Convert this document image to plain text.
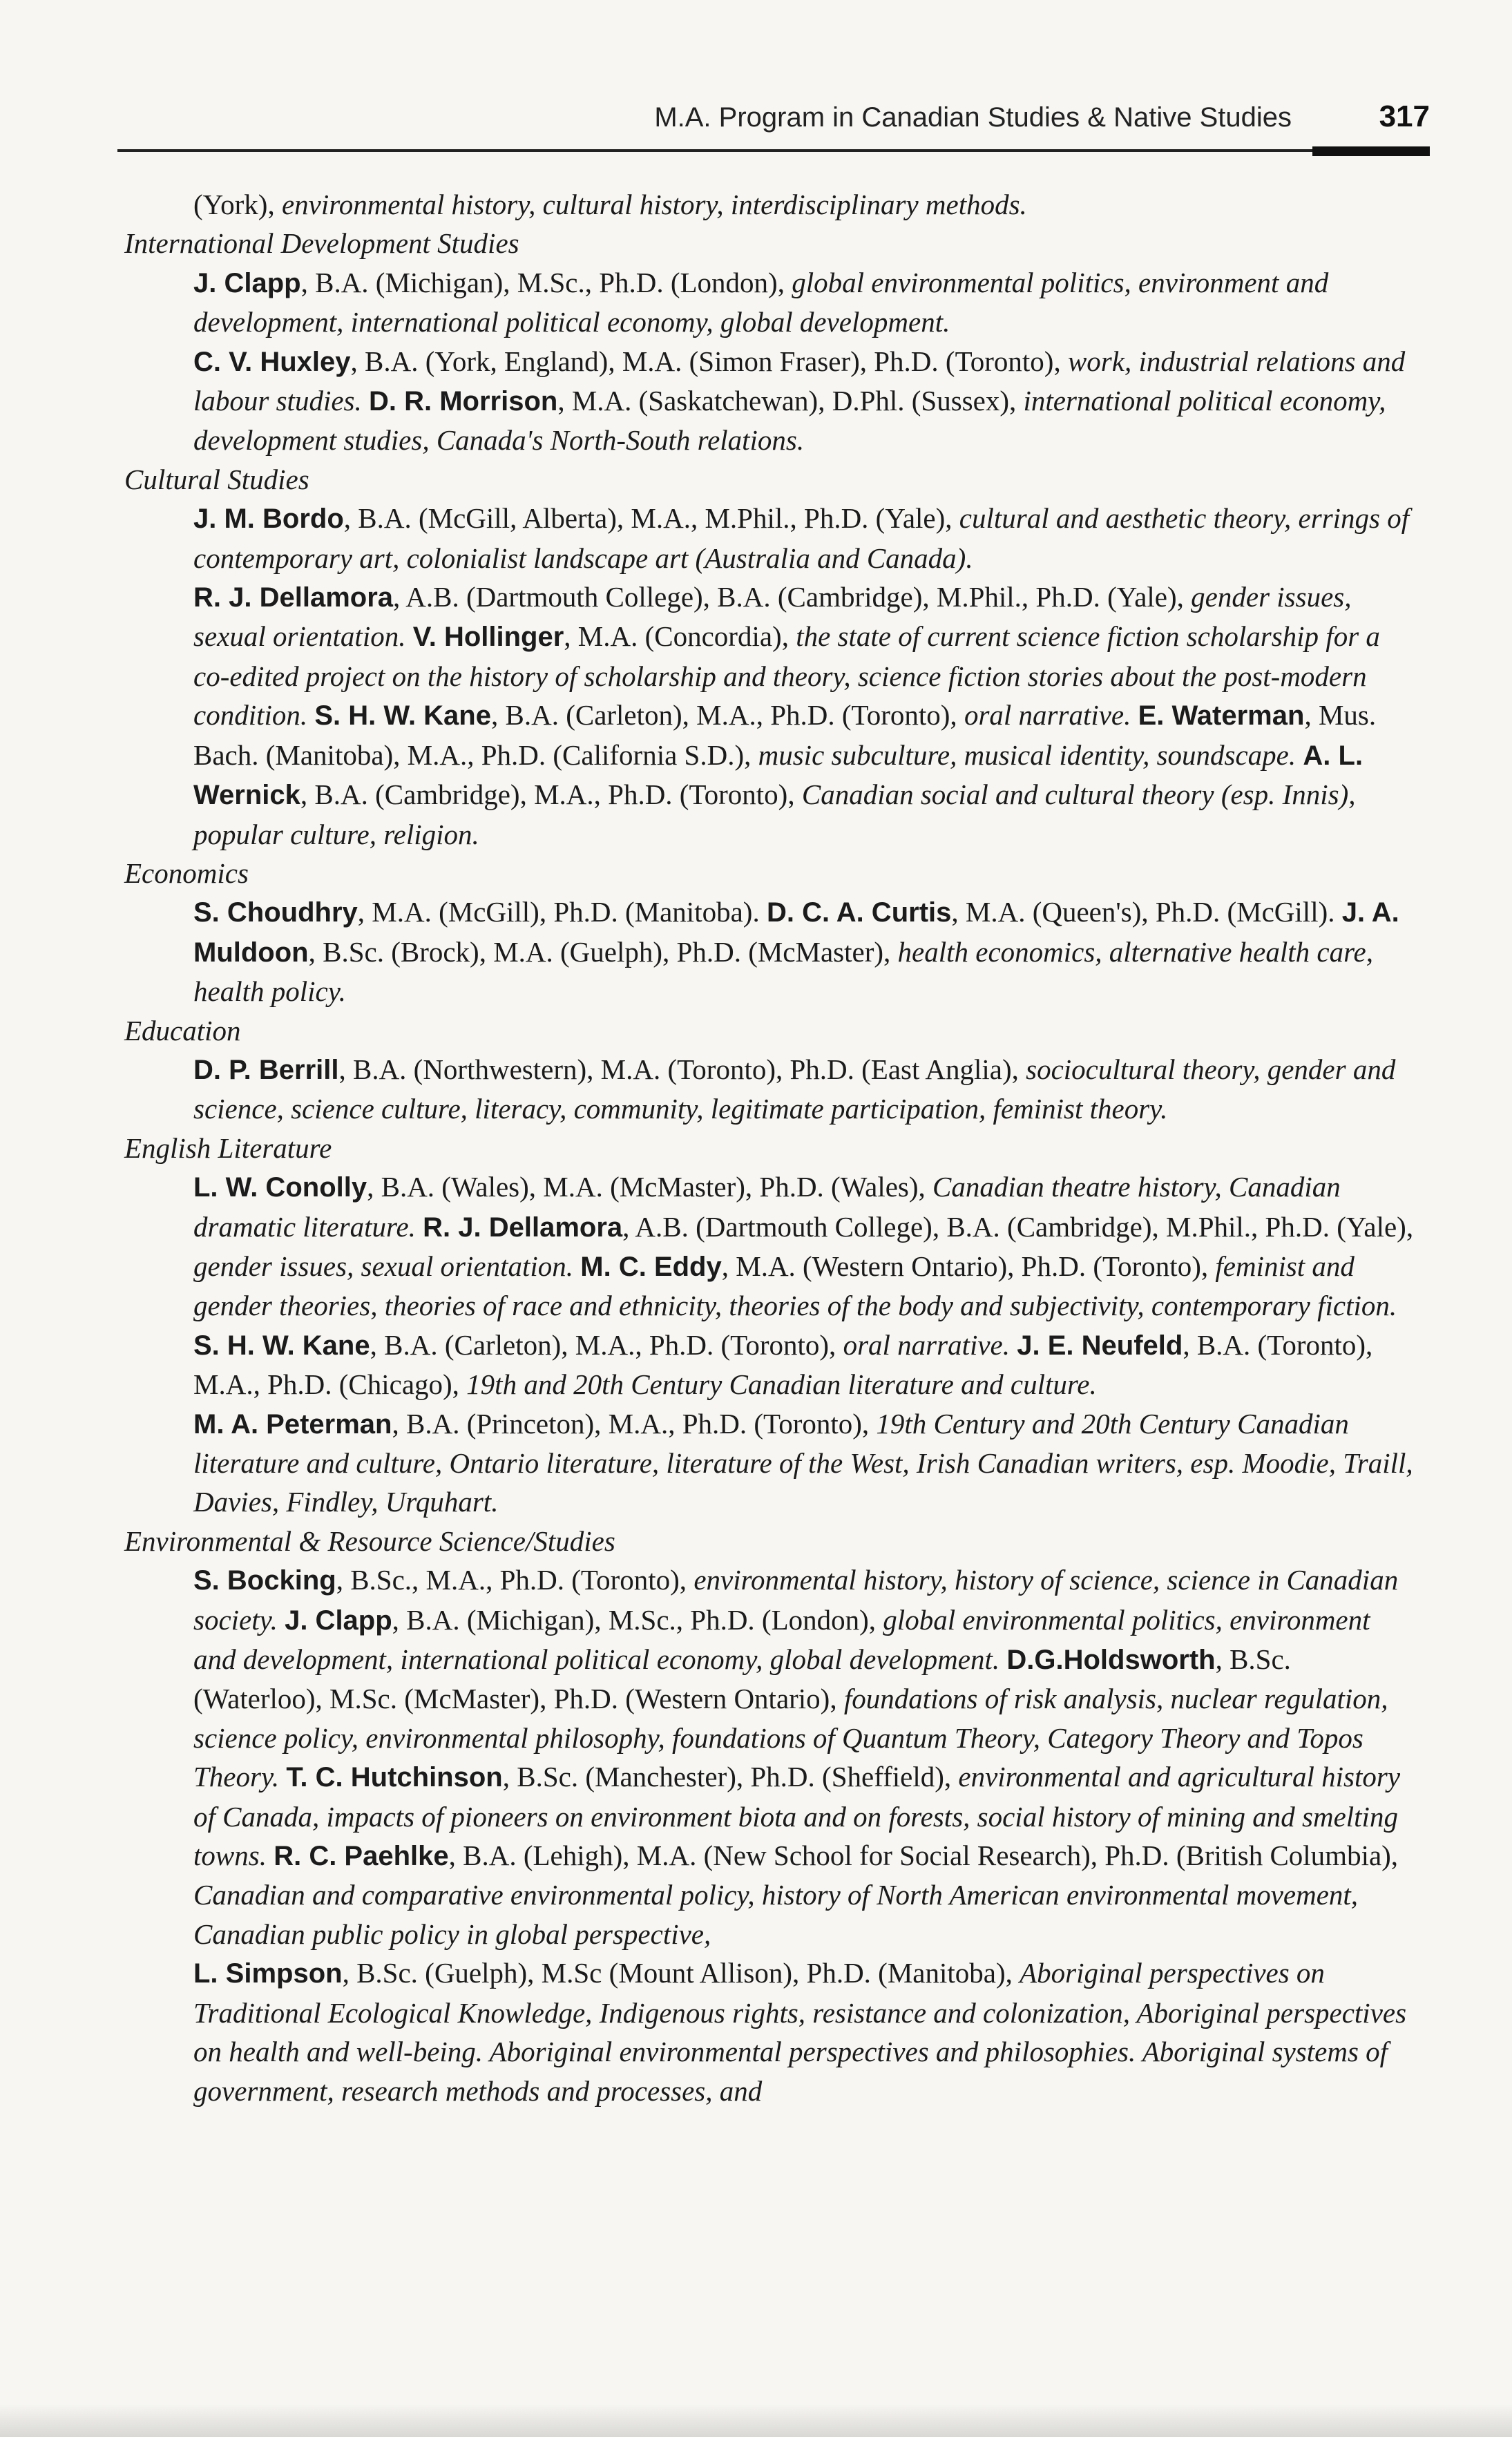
M.A. Program in Canadian Studies & Native Studies	317

(York), environmental history, cultural history, interdisciplinary methods.

International Development Studies

J. Clapp, B.A. (Michigan), M.Sc., Ph.D. (London), global environmental politics, environment and development, international political economy, global development.

C. V. Huxley, B.A. (York, England), M.A. (Simon Fraser), Ph.D. (Toronto), work, industrial relations and labour studies. D. R. Morrison, M.A. (Saskatchewan), D.Phl. (Sussex), international political economy, development studies, Canada's North-South relations.

Cultural Studies

J. M. Bordo, B.A. (McGill, Alberta), M.A., M.Phil., Ph.D. (Yale), cultural and aesthetic theory, errings of contemporary art, colonialist landscape art (Australia and Canada).

R. J. Dellamora, A.B. (Dartmouth College), B.A. (Cambridge), M.Phil., Ph.D. (Yale), gender issues, sexual orientation. V. Hollinger, M.A. (Concordia), the state of current science fiction scholarship for a co-edited project on the history of scholarship and theory, science fiction stories about the post-modern condition. S. H. W. Kane, B.A. (Carleton), M.A., Ph.D. (Toronto), oral narrative. E. Waterman, Mus. Bach. (Manitoba), M.A., Ph.D. (California S.D.), music subculture, musical identity, soundscape. A. L. Wernick, B.A. (Cambridge), M.A., Ph.D. (Toronto), Canadian social and cultural theory (esp. Innis), popular culture, religion.

Economics

S. Choudhry, M.A. (McGill), Ph.D. (Manitoba). D. C. A. Curtis, M.A. (Queen's), Ph.D. (McGill). J. A. Muldoon, B.Sc. (Brock), M.A. (Guelph), Ph.D. (McMaster), health economics, alternative health care, health policy.

Education

D. P. Berrill, B.A. (Northwestern), M.A. (Toronto), Ph.D. (East Anglia), sociocultural theory, gender and science, science culture, literacy, community, legitimate participation, feminist theory.

English Literature

L. W. Conolly, B.A. (Wales), M.A. (McMaster), Ph.D. (Wales), Canadian theatre history, Canadian dramatic literature. R. J. Dellamora, A.B. (Dartmouth College), B.A. (Cambridge), M.Phil., Ph.D. (Yale), gender issues, sexual orientation. M. C. Eddy, M.A. (Western Ontario), Ph.D. (Toronto), feminist and gender theories, theories of race and ethnicity, theories of the body and subjectivity, contemporary fiction. S. H. W. Kane, B.A. (Carleton), M.A., Ph.D. (Toronto), oral narrative. J. E. Neufeld, B.A. (Toronto), M.A., Ph.D. (Chicago), 19th and 20th Century Canadian literature and culture.

M. A. Peterman, B.A. (Princeton), M.A., Ph.D. (Toronto), 19th Century and 20th Century Canadian literature and culture, Ontario literature, literature of the West, Irish Canadian writers, esp. Moodie, Traill, Davies, Findley, Urquhart.

Environmental & Resource Science/Studies

S. Bocking, B.Sc., M.A., Ph.D. (Toronto), environmental history, history of science, science in Canadian society. J. Clapp, B.A. (Michigan), M.Sc., Ph.D. (London), global environmental politics, environment and development, international political economy, global development. D.G.Holdsworth, B.Sc. (Waterloo), M.Sc. (McMaster), Ph.D. (Western Ontario), foundations of risk analysis, nuclear regulation, science policy, environmental philosophy, foundations of Quantum Theory, Category Theory and Topos Theory. T. C. Hutchinson, B.Sc. (Manchester), Ph.D. (Sheffield), environmental and agricultural history of Canada, impacts of pioneers on environment biota and on forests, social history of mining and smelting towns. R. C. Paehlke, B.A. (Lehigh), M.A. (New School for Social Research), Ph.D. (British Columbia), Canadian and comparative environmental policy, history of North American environmental movement, Canadian public policy in global perspective,

L. Simpson, B.Sc. (Guelph), M.Sc (Mount Allison), Ph.D. (Manitoba), Aboriginal perspectives on Traditional Ecological Knowledge, Indigenous rights, resistance and colonization, Aboriginal perspectives on health and well-being. Aboriginal environmental perspectives and philosophies. Aboriginal systems of government, research methods and processes, and
